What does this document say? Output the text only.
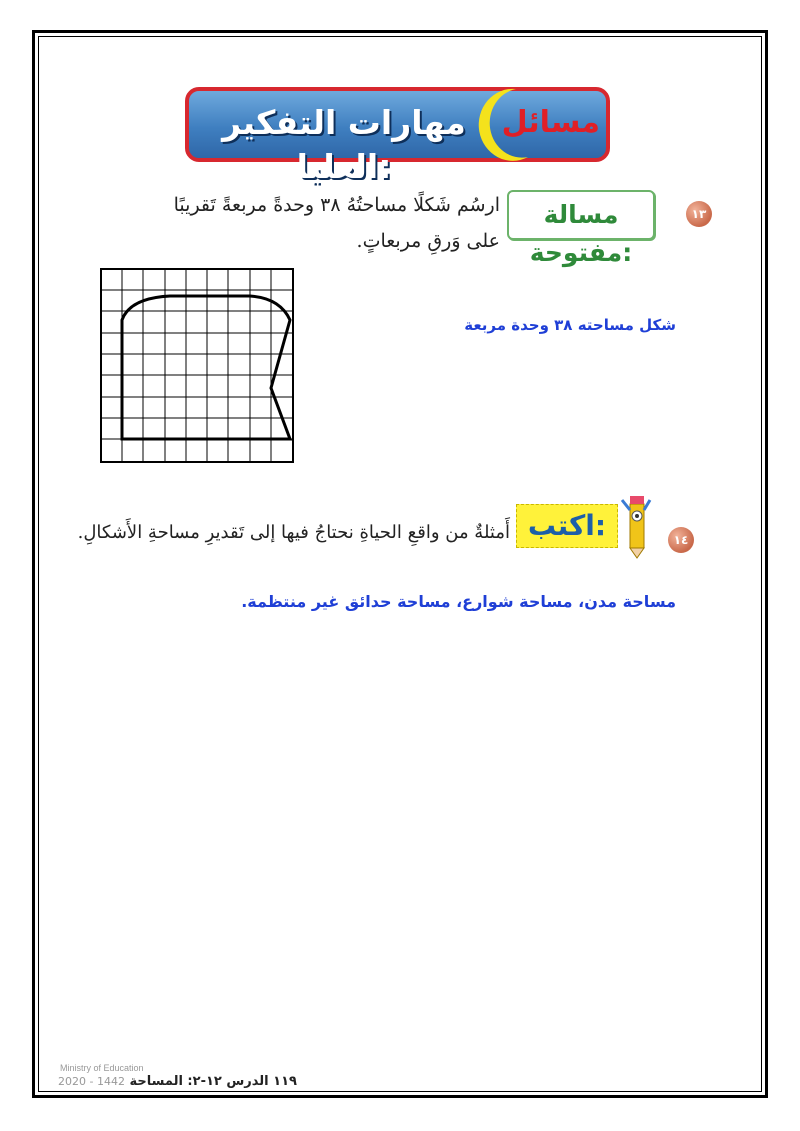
مهارات التفكير العليا:
مسائل
١٣
مسالة مفتوحة:
ارسُم شَكلًا مساحتُهُ ٣٨ وحدةً مربعةً تَقريبًا
على وَرقِ مربعاتٍ.
شكل مساحته ٣٨ وحدة مربعة
١٤
اكتب:
أَمثلةٌ من واقعِ الحياةِ نحتاجُ فيها إلى تَقديرِ مساحةِ الأَشكالِ.
مساحة مدن، مساحة شوارع، مساحة حدائق غير منتظمة.
Ministry of Education
2020 - 1442	١١٩ الدرس ١٢-٢: المساحة
